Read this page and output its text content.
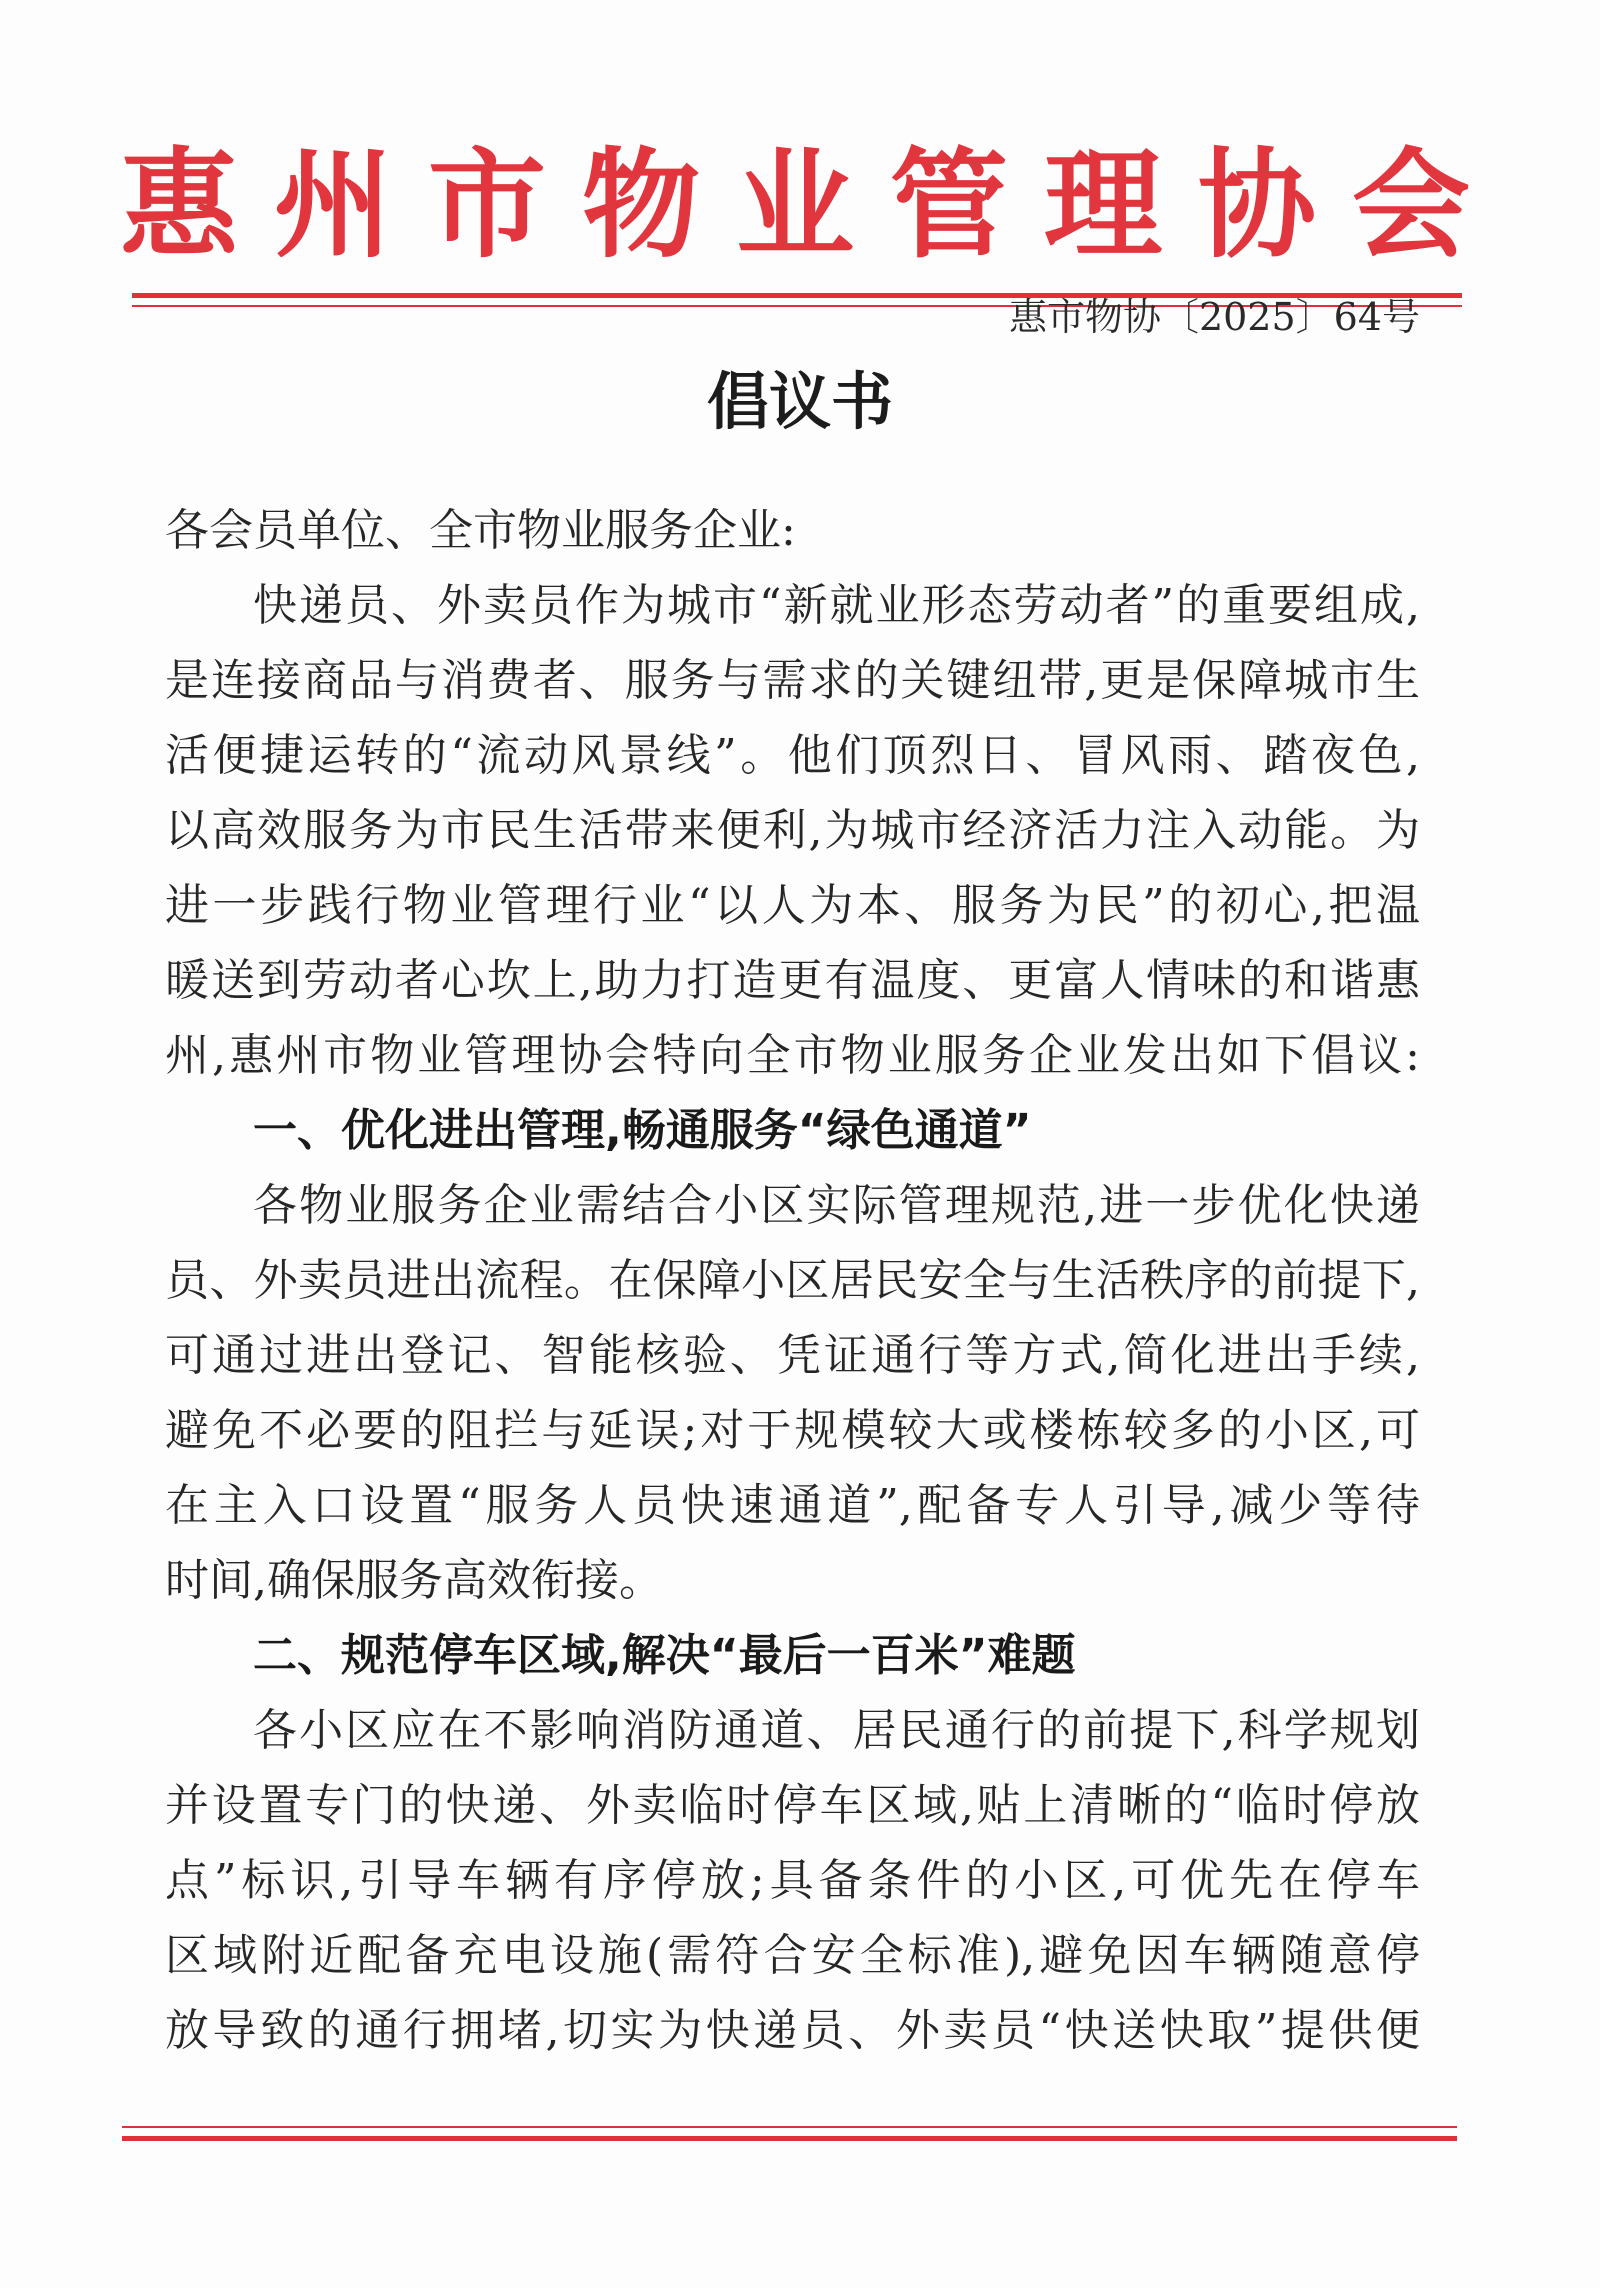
惠州市物业管理协会
惠市物协〔2025〕64号
倡议书
各会员单位、全市物业服务企业:
快递员、外卖员作为城市“新就业形态劳动者”的重要组成,
是连接商品与消费者、服务与需求的关键纽带,更是保障城市生
活便捷运转的“流动风景线”。他们顶烈日、冒风雨、踏夜色,
以高效服务为市民生活带来便利,为城市经济活力注入动能。为
进一步践行物业管理行业“以人为本、服务为民”的初心,把温
暖送到劳动者心坎上,助力打造更有温度、更富人情味的和谐惠
州,惠州市物业管理协会特向全市物业服务企业发出如下倡议:
一、优化进出管理,畅通服务“绿色通道”
各物业服务企业需结合小区实际管理规范,进一步优化快递
员、外卖员进出流程。在保障小区居民安全与生活秩序的前提下,
可通过进出登记、智能核验、凭证通行等方式,简化进出手续,
避免不必要的阻拦与延误;对于规模较大或楼栋较多的小区,可
在主入口设置“服务人员快速通道”,配备专人引导,减少等待
时间,确保服务高效衔接。
二、规范停车区域,解决“最后一百米”难题
各小区应在不影响消防通道、居民通行的前提下,科学规划
并设置专门的快递、外卖临时停车区域,贴上清晰的“临时停放
点”标识,引导车辆有序停放;具备条件的小区,可优先在停车
区域附近配备充电设施(需符合安全标准),避免因车辆随意停
放导致的通行拥堵,切实为快递员、外卖员“快送快取”提供便
